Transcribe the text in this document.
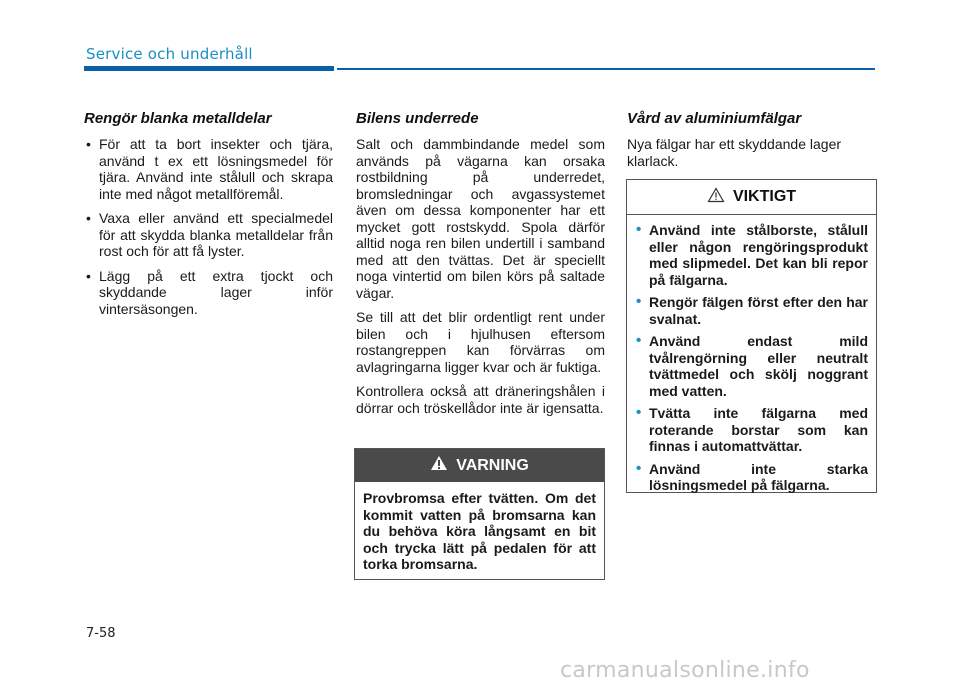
Service och underhåll
Rengör blanka metalldelar
• För att ta bort insekter och tjära, använd t ex ett lösningsmedel för tjära. Använd inte stålull och skrapa inte med något metallföremål.
• Vaxa eller använd ett specialmedel för att skydda blanka metalldelar från rost och för att få lyster.
• Lägg på ett extra tjockt och skyddande lager inför vintersäsongen.
Bilens underrede

Salt och dammbindande medel som används på vägarna kan orsaka rostbildning på underredet, bromsledningar och avgassystemet även om dessa komponenter har ett mycket gott rostskydd. Spola därför alltid noga ren bilen undertill i samband med att den tvättas. Det är speciellt noga vintertid om bilen körs på saltade vägar.

Se till att det blir ordentligt rent under bilen och i hjulhusen eftersom rostangreppen kan förvärras om avlagringarna ligger kvar och är fuktiga.

Kontrollera också att dräneringshålen i dörrar och tröskellådor inte är igensatta.

VARNING
Provbromsa efter tvätten. Om det kommit vatten på bromsarna kan du behöva köra långsamt en bit och trycka lätt på pedalen för att torka bromsarna.
Vård av aluminiumfälgar

Nya fälgar har ett skyddande lager klarlack.

VIKTIGT
• Använd inte stålborste, stålull eller någon rengöringsprodukt med slipmedel. Det kan bli repor på fälgarna.
• Rengör fälgen först efter den har svalnat.
• Använd endast mild tvålrengörning eller neutralt tvättmedel och skölj noggrant med vatten.
• Tvätta inte fälgarna med roterande borstar som kan finnas i automattvättar.
• Använd inte starka lösningsmedel på fälgarna.
7-58
carmanualsonline.info
